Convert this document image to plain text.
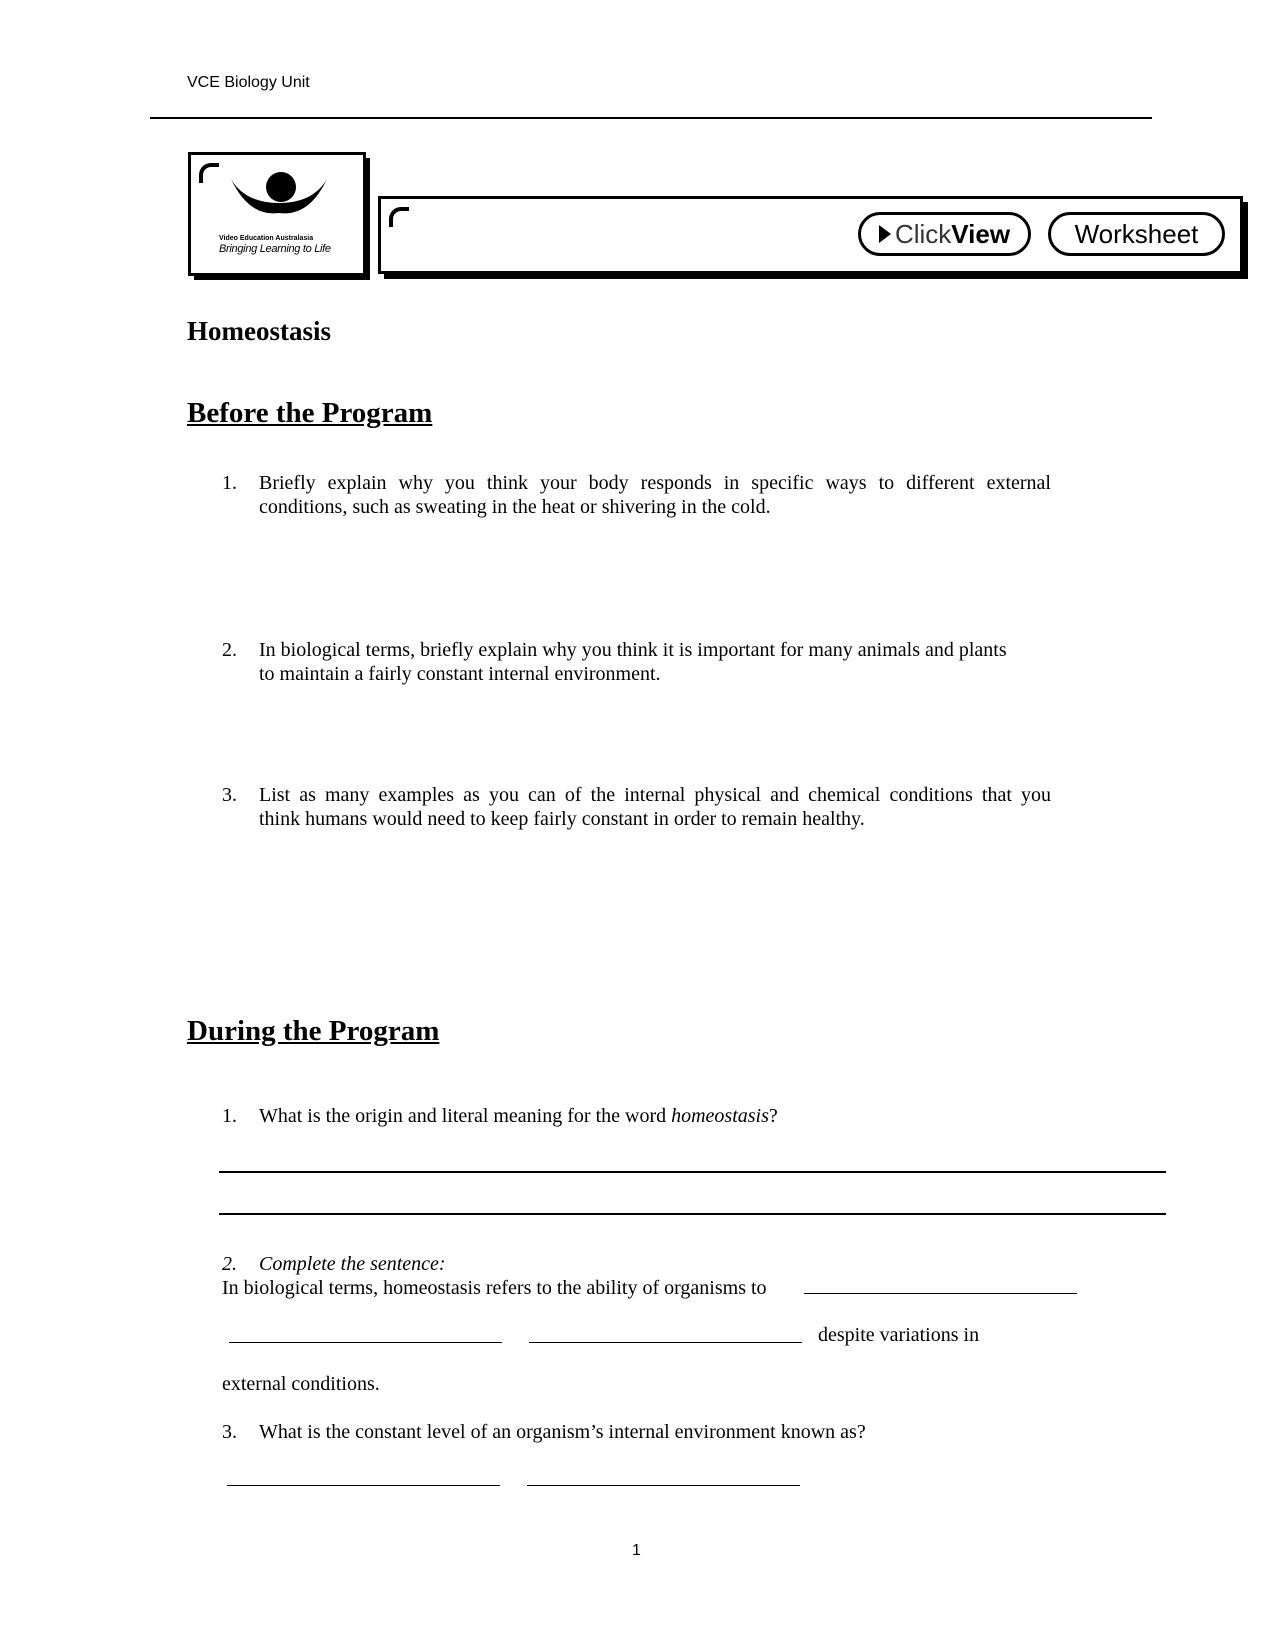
VCE Biology Unit
Video Education Australasia
Bringing Learning to Life
Click View	Worksheet
Homeostasis
Before the Program
1.	Briefly explain why you think your body responds in specific ways to different external
conditions, such as sweating in the heat or shivering in the cold.
2.	In biological terms, briefly explain why you think it is important for many animals and plants
to maintain a fairly constant internal environment.
3.	List as many examples as you can of the internal physical and chemical conditions that you
think humans would need to keep fairly constant in order to remain healthy.
During the Program
1.	What is the origin and literal meaning for the word homeostasis?
2.	Complete the sentence:
In biological terms, homeostasis refers to the ability of organisms to
despite variations in
external conditions.
3.	What is the constant level of an organism’s internal environment known as?
1
